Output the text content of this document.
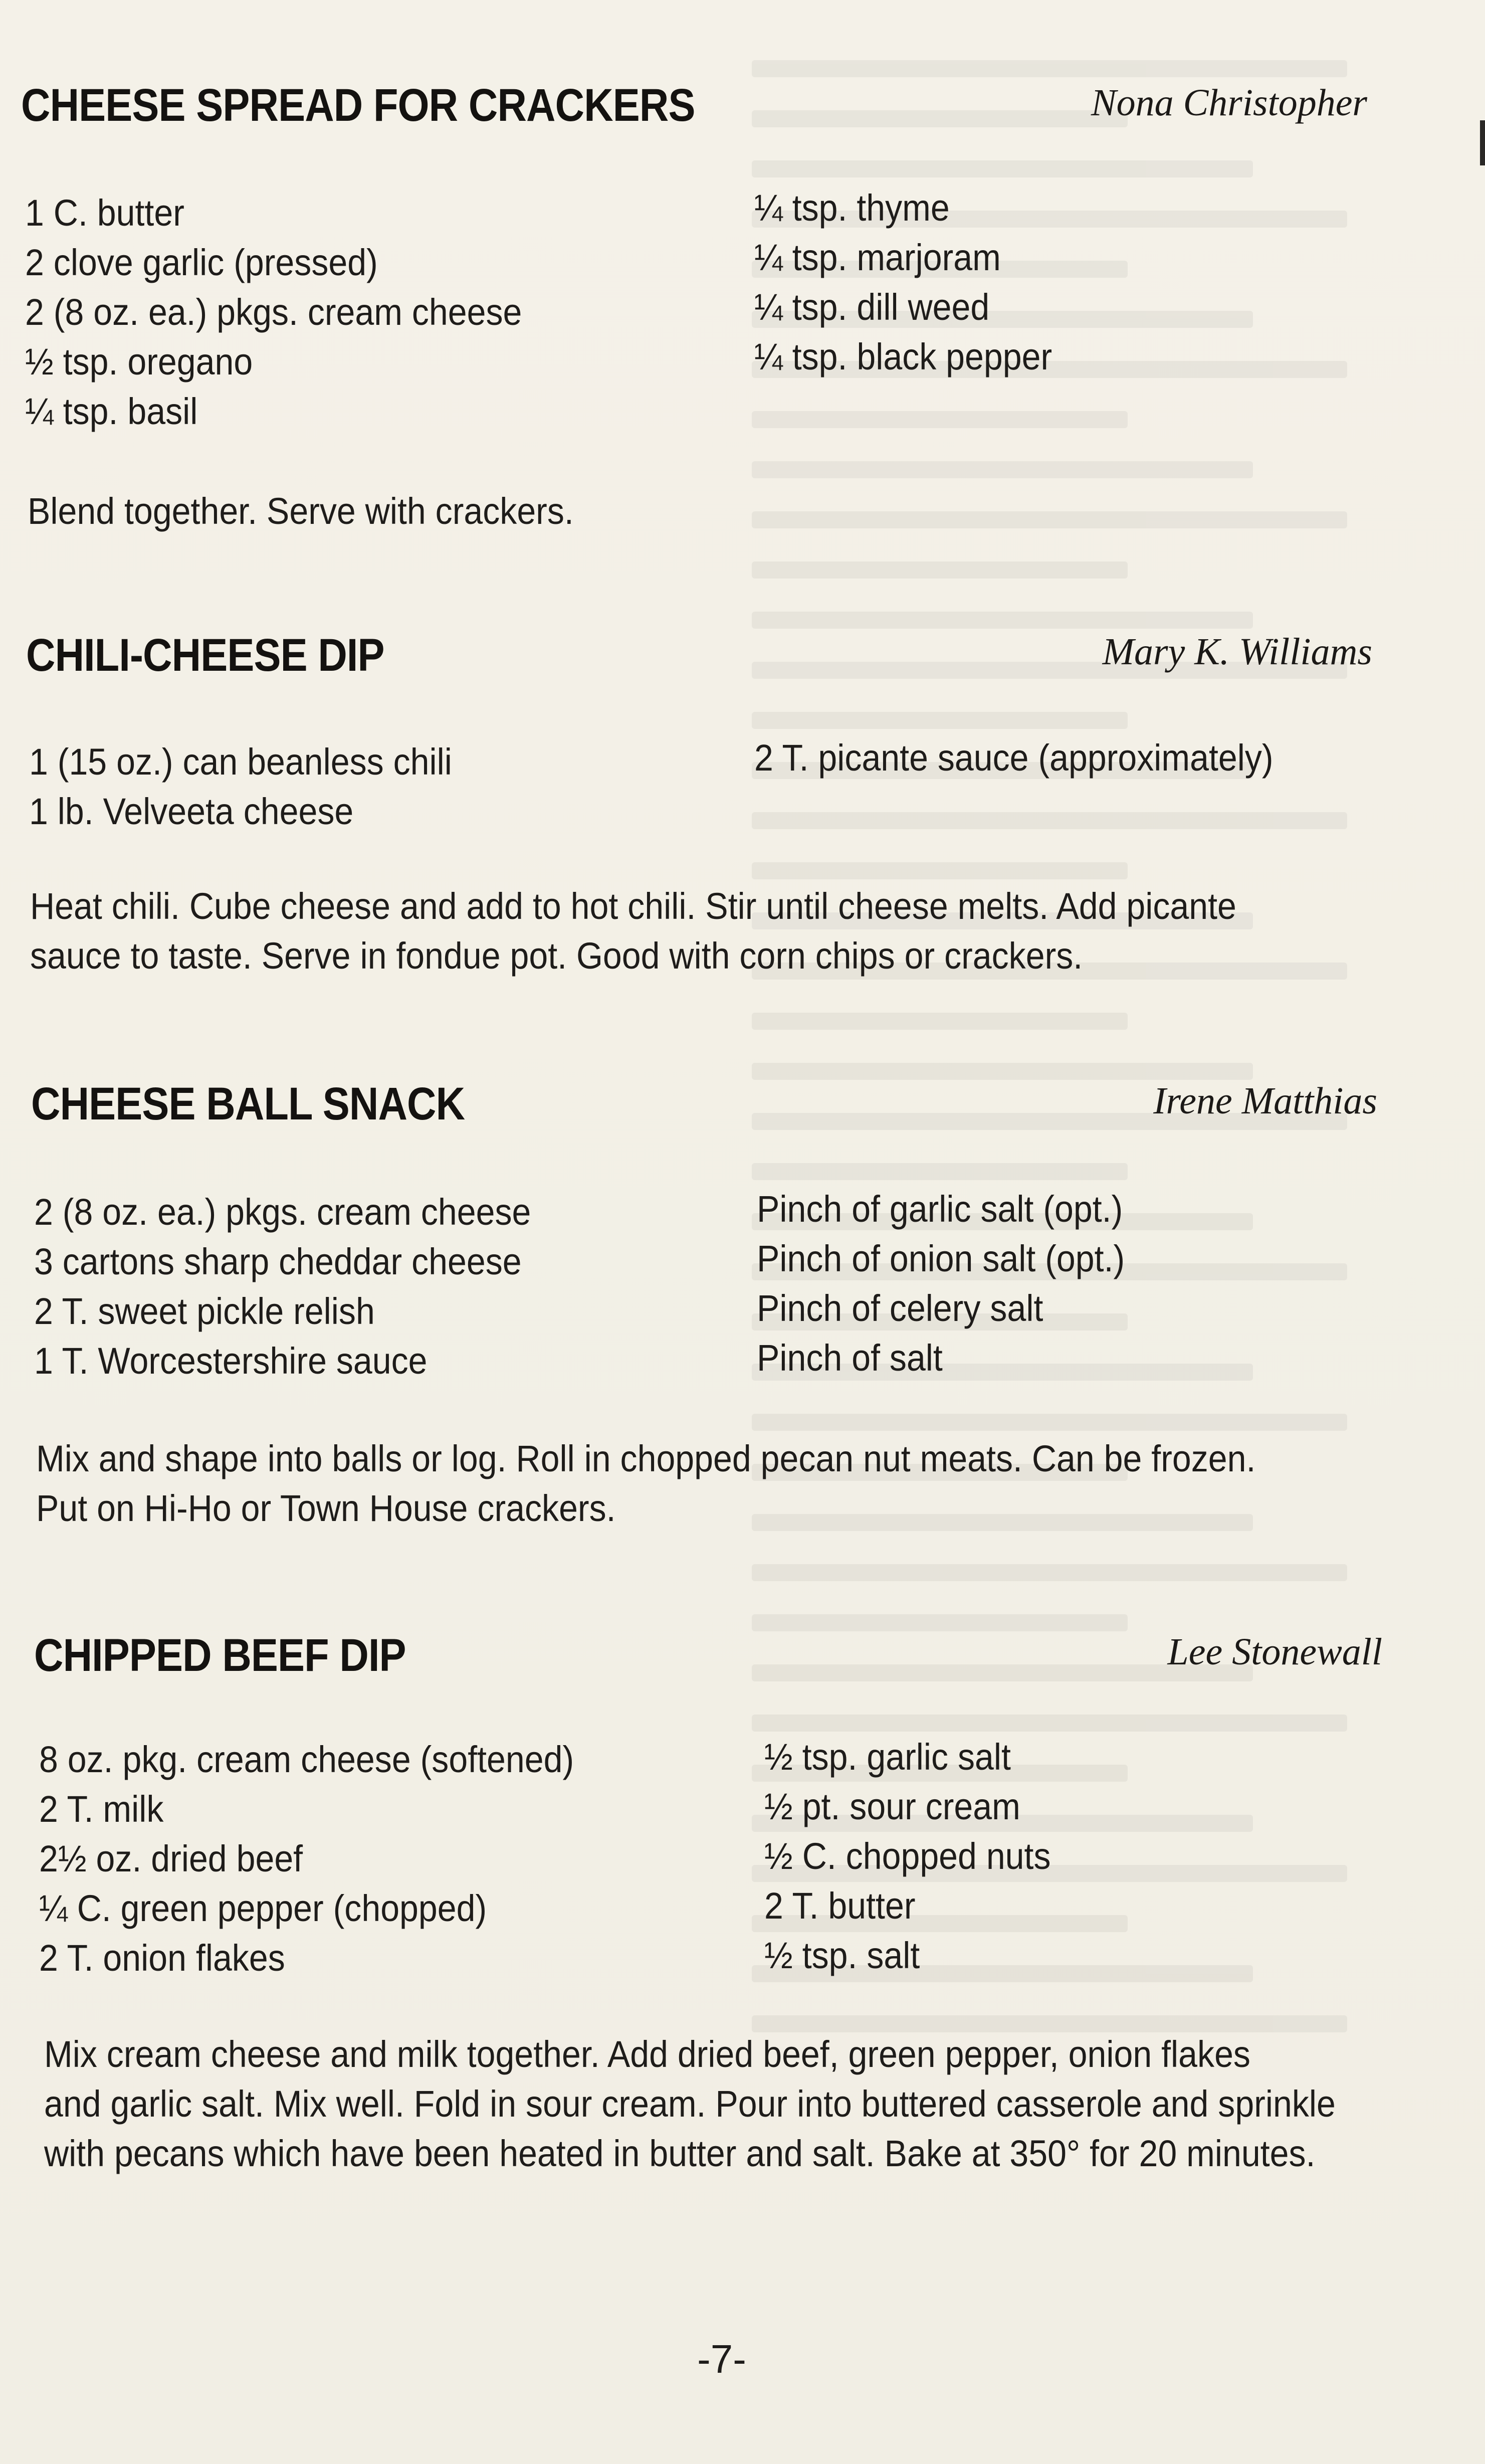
CHEESE SPREAD FOR CRACKERS	Nona Christopher
1 C. butter
2 clove garlic (pressed)
2 (8 oz. ea.) pkgs. cream cheese
½ tsp. oregano
¼ tsp. basil
¼ tsp. thyme
¼ tsp. marjoram
¼ tsp. dill weed
¼ tsp. black pepper
Blend together. Serve with crackers.
CHILI-CHEESE DIP	Mary K. Williams
1 (15 oz.) can beanless chili
1 lb. Velveeta cheese
2 T. picante sauce (approximately)
Heat chili. Cube cheese and add to hot chili. Stir until cheese melts. Add picante
sauce to taste. Serve in fondue pot. Good with corn chips or crackers.
CHEESE BALL SNACK	Irene Matthias
2 (8 oz. ea.) pkgs. cream cheese
3 cartons sharp cheddar cheese
2 T. sweet pickle relish
1 T. Worcestershire sauce
Pinch of garlic salt (opt.)
Pinch of onion salt (opt.)
Pinch of celery salt
Pinch of salt
Mix and shape into balls or log. Roll in chopped pecan nut meats. Can be frozen.
Put on Hi-Ho or Town House crackers.
CHIPPED BEEF DIP	Lee Stonewall
8 oz. pkg. cream cheese (softened)
2 T. milk
2½ oz. dried beef
¼ C. green pepper (chopped)
2 T. onion flakes
½ tsp. garlic salt
½ pt. sour cream
½ C. chopped nuts
2 T. butter
½ tsp. salt
Mix cream cheese and milk together. Add dried beef, green pepper, onion flakes
and garlic salt. Mix well. Fold in sour cream. Pour into buttered casserole and sprinkle
with pecans which have been heated in butter and salt. Bake at 350° for 20 minutes.
-7-
